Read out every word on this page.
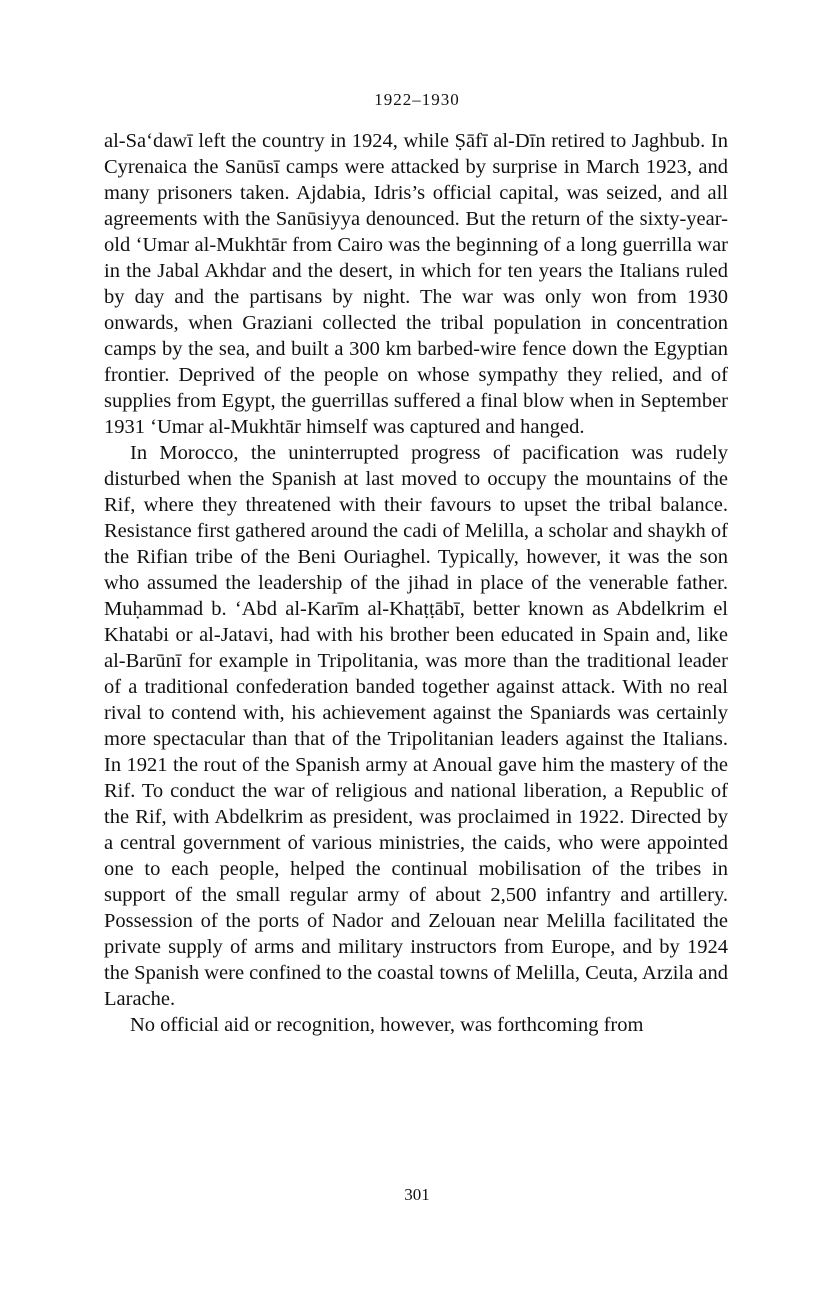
1922–1930

al-Sa‘dawī left the country in 1924, while Ṣāfī al-Dīn retired to Jaghbub. In Cyrenaica the Sanūsī camps were attacked by surprise in March 1923, and many prisoners taken. Ajdabia, Idris’s official capital, was seized, and all agreements with the Sanūsiyya denounced. But the return of the sixty-year-old ‘Umar al-Mukhtār from Cairo was the beginning of a long guerrilla war in the Jabal Akhdar and the desert, in which for ten years the Italians ruled by day and the partisans by night. The war was only won from 1930 onwards, when Graziani collected the tribal population in concentration camps by the sea, and built a 300 km barbed-wire fence down the Egyptian frontier. Deprived of the people on whose sympathy they relied, and of supplies from Egypt, the guerrillas suffered a final blow when in September 1931 ‘Umar al-Mukhtār himself was captured and hanged.

In Morocco, the uninterrupted progress of pacification was rudely disturbed when the Spanish at last moved to occupy the mountains of the Rif, where they threatened with their favours to upset the tribal balance. Resistance first gathered around the cadi of Melilla, a scholar and shaykh of the Rifian tribe of the Beni Ouriaghel. Typically, however, it was the son who assumed the leadership of the jihad in place of the venerable father. Muḥammad b. ‘Abd al-Karīm al-Khaṭṭābī, better known as Abdelkrim el Khatabi or al-Jatavi, had with his brother been educated in Spain and, like al-Barūnī for example in Tripolitania, was more than the traditional leader of a traditional confederation banded together against attack. With no real rival to contend with, his achievement against the Spaniards was certainly more spectacular than that of the Tripolitanian leaders against the Italians. In 1921 the rout of the Spanish army at Anoual gave him the mastery of the Rif. To conduct the war of religious and national liberation, a Republic of the Rif, with Abdelkrim as president, was proclaimed in 1922. Directed by a central government of various ministries, the caids, who were appointed one to each people, helped the continual mobilisation of the tribes in support of the small regular army of about 2,500 infantry and artillery. Possession of the ports of Nador and Zelouan near Melilla facilitated the private supply of arms and military instructors from Europe, and by 1924 the Spanish were confined to the coastal towns of Melilla, Ceuta, Arzila and Larache.

No official aid or recognition, however, was forthcoming from

301
